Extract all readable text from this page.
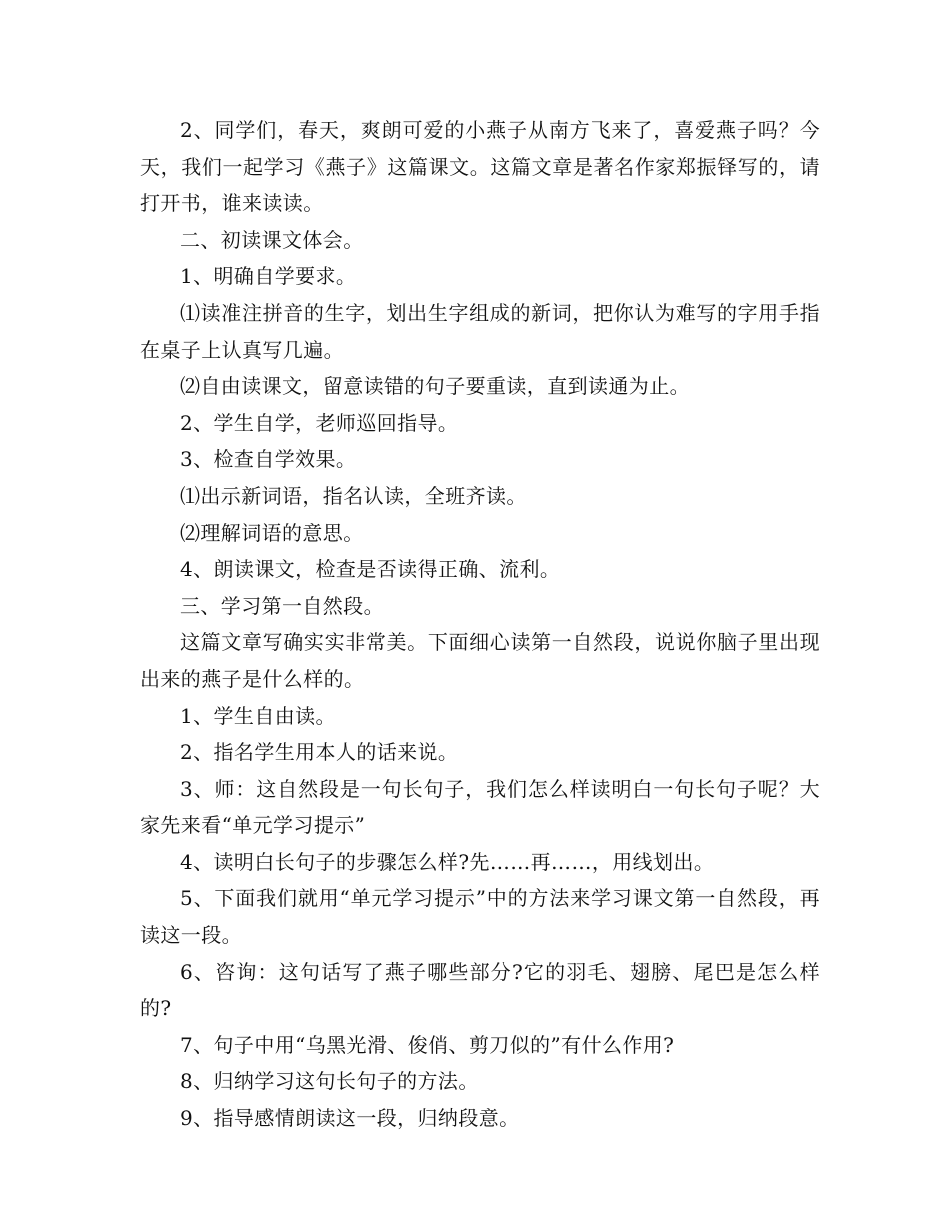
2、同学们，春天，爽朗可爱的小燕子从南方飞来了，喜爱燕子吗？今天，我们一起学习《燕子》这篇课文。这篇文章是著名作家郑振铎写的，请打开书，谁来读读。

二、初读课文体会。

1、明确自学要求。

⑴读准注拼音的生字，划出生字组成的新词，把你认为难写的字用手指在桌子上认真写几遍。

⑵自由读课文，留意读错的句子要重读，直到读通为止。

2、学生自学，老师巡回指导。

3、检查自学效果。

⑴出示新词语，指名认读，全班齐读。

⑵理解词语的意思。

4、朗读课文，检查是否读得正确、流利。

三、学习第一自然段。

这篇文章写确实实非常美。下面细心读第一自然段，说说你脑子里出现出来的燕子是什么样的。

1、学生自由读。

2、指名学生用本人的话来说。

3、师：这自然段是一句长句子，我们怎么样读明白一句长句子呢？大家先来看“单元学习提示”

4、读明白长句子的步骤怎么样?先……再……，用线划出。

5、下面我们就用“单元学习提示”中的方法来学习课文第一自然段，再读这一段。

6、咨询：这句话写了燕子哪些部分?它的羽毛、翅膀、尾巴是怎么样的?

7、句子中用“乌黑光滑、俊俏、剪刀似的”有什么作用?

8、归纳学习这句长句子的方法。

9、指导感情朗读这一段，归纳段意。
